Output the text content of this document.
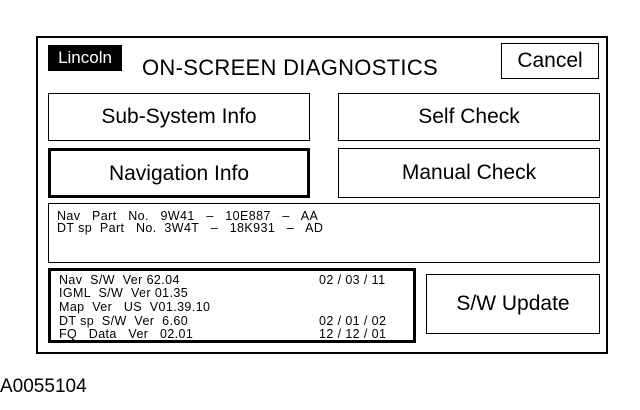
Lincoln	ON-SCREEN DIAGNOSTICS	Cancel
Sub-System Info	Self Check
Navigation Info	Manual Check
Nav   Part   No.   9W41   –   10E887   –   AA
DT sp  Part   No.  3W4T   –   18K931   –   AD
Nav  S/W  Ver 62.04	02 / 03 / 11
IGML  S/W  Ver 01.35
Map  Ver   US  V01.39.10
DT sp  S/W  Ver  6.60	02 / 01 / 02
FQ   Data   Ver   02.01	12 / 12 / 01
S/W Update
A0055104
